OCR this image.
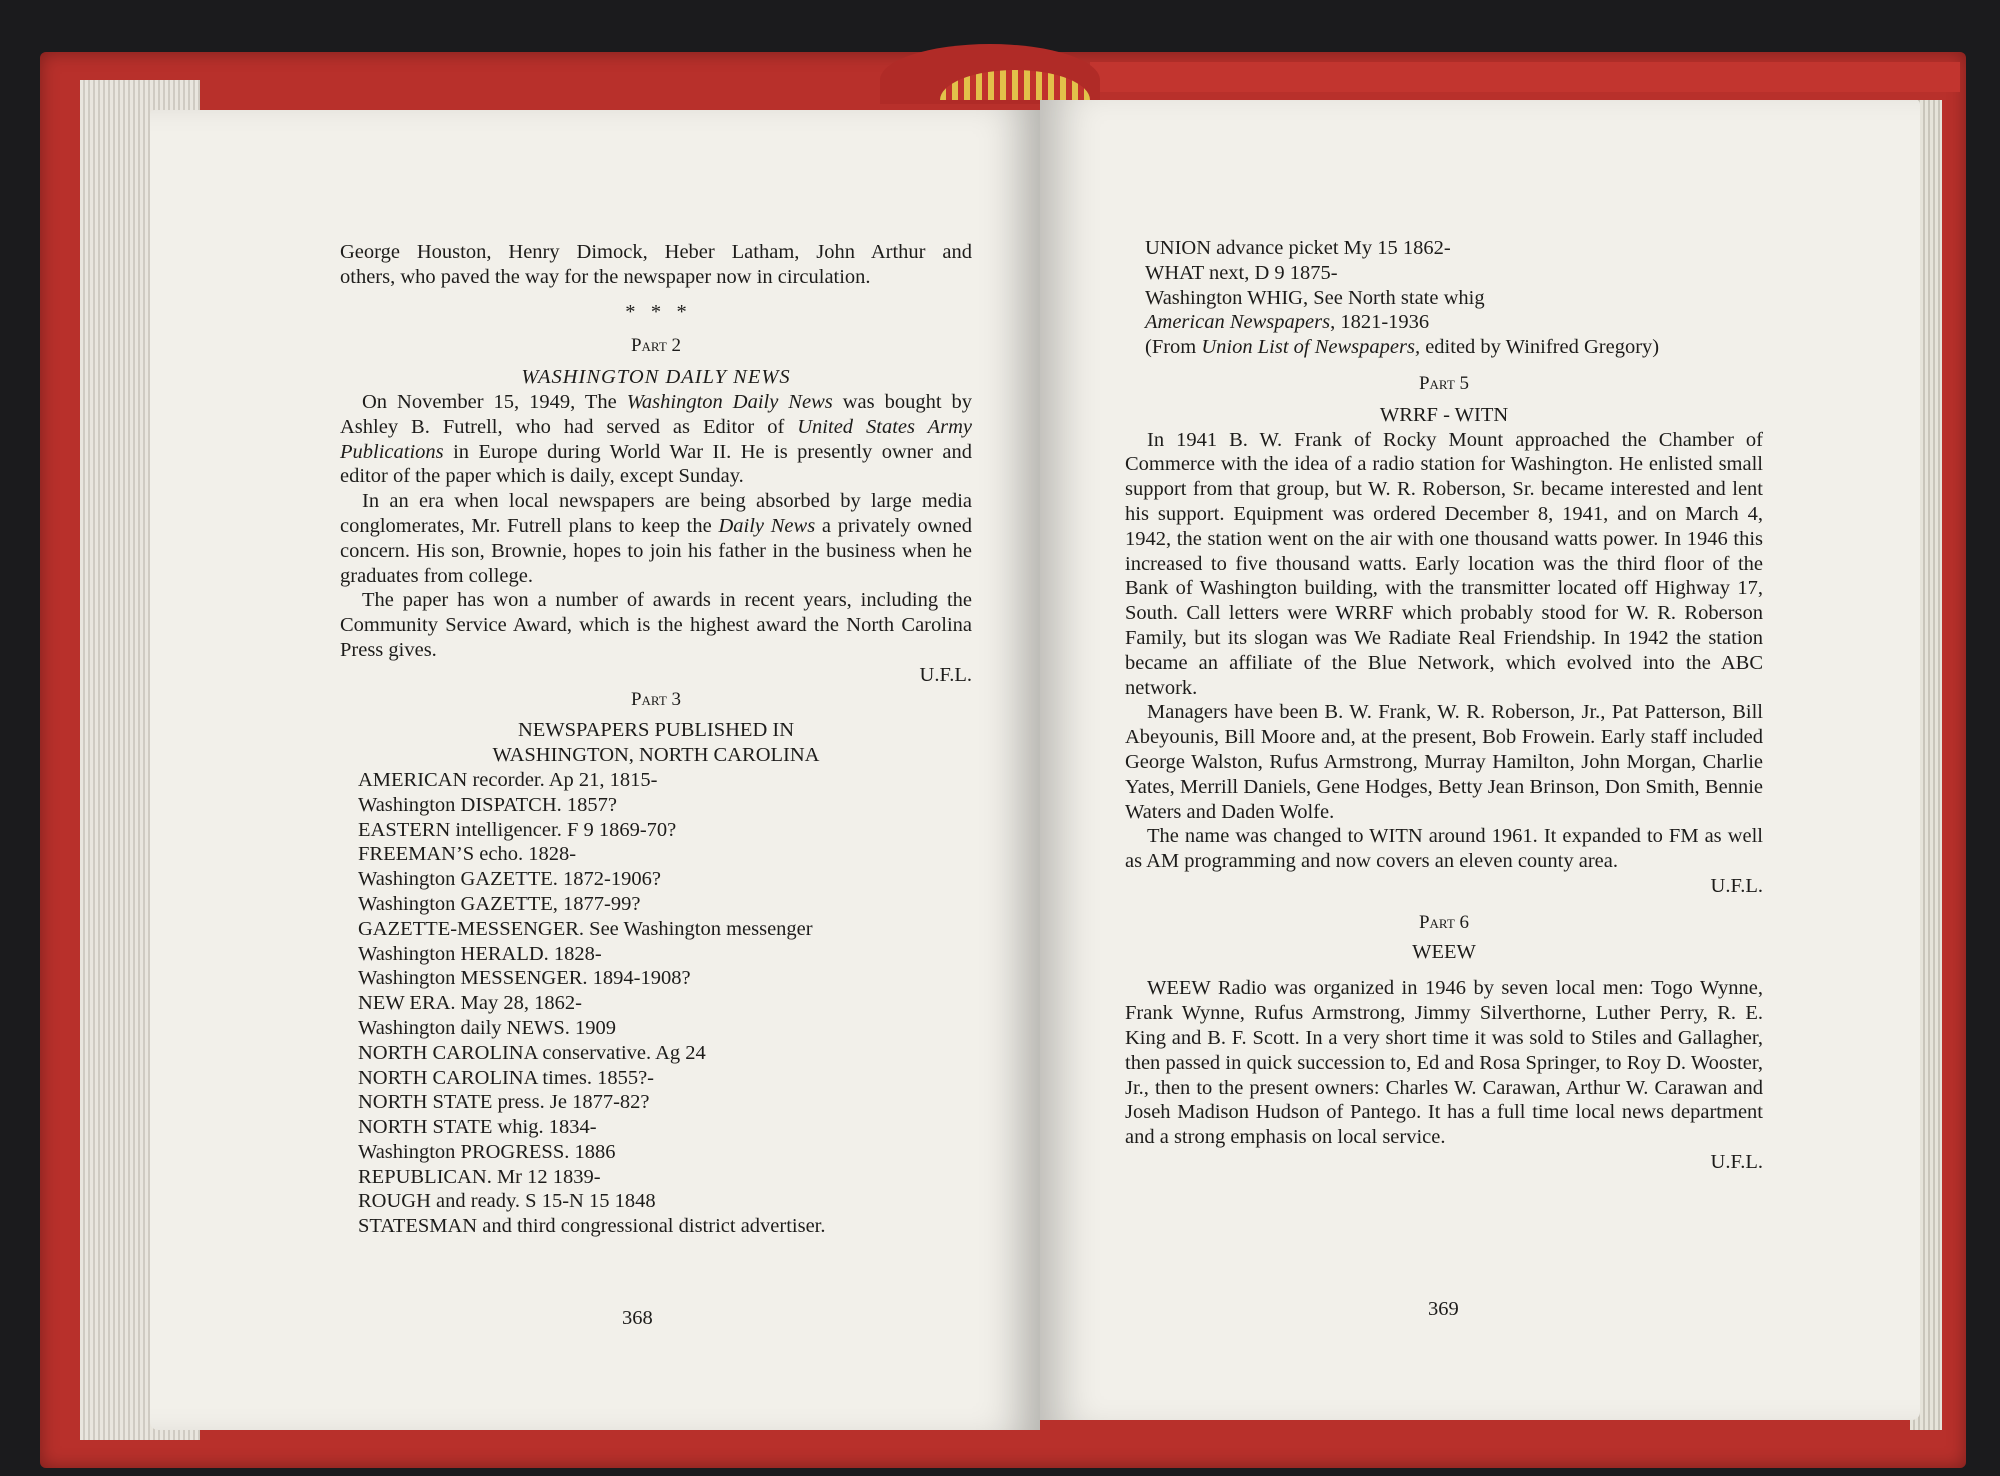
George Houston, Henry Dimock, Heber Latham, John Arthur and

others, who paved the way for the newspaper now in circulation.

*   *   *

Part 2

WASHINGTON DAILY NEWS

On November 15, 1949, The Washington Daily News was bought by Ashley B. Futrell, who had served as Editor of United States Army Publications in Europe during World War II. He is presently owner and editor of the paper which is daily, except Sunday.

In an era when local newspapers are being absorbed by large media conglomerates, Mr. Futrell plans to keep the Daily News a privately owned concern. His son, Brownie, hopes to join his father in the business when he graduates from college.

The paper has won a number of awards in recent years, including the Community Service Award, which is the highest award the North Carolina Press gives.

U.F.L.

Part 3

NEWSPAPERS PUBLISHED IN

WASHINGTON, NORTH CAROLINA

AMERICAN recorder. Ap 21, 1815-

Washington DISPATCH. 1857?

EASTERN intelligencer. F 9 1869-70?

FREEMAN’S echo. 1828-

Washington GAZETTE. 1872-1906?

Washington GAZETTE, 1877-99?

GAZETTE-MESSENGER. See Washington messenger

Washington HERALD. 1828-

Washington MESSENGER. 1894-1908?

NEW ERA. May 28, 1862-

Washington daily NEWS. 1909

NORTH CAROLINA conservative. Ag 24

NORTH CAROLINA times. 1855?-

NORTH STATE press. Je 1877-82?

NORTH STATE whig. 1834-

Washington PROGRESS. 1886

REPUBLICAN. Mr 12 1839-

ROUGH and ready. S 15-N 15 1848

STATESMAN and third congressional district advertiser.

368

UNION advance picket My 15 1862-

WHAT next, D 9 1875-

Washington WHIG, See North state whig

American Newspapers, 1821-1936

(From Union List of Newspapers, edited by Winifred Gregory)

Part 5

WRRF - WITN

In 1941 B. W. Frank of Rocky Mount approached the Chamber of Commerce with the idea of a radio station for Washington. He enlisted small support from that group, but W. R. Roberson, Sr. became interested and lent his support. Equipment was ordered December 8, 1941, and on March 4, 1942, the station went on the air with one thousand watts power. In 1946 this increased to five thousand watts. Early location was the third floor of the Bank of Washington building, with the transmitter located off Highway 17, South. Call letters were WRRF which probably stood for W. R. Roberson Family, but its slogan was We Radiate Real Friendship. In 1942 the station became an affiliate of the Blue Network, which evolved into the ABC network.

Managers have been B. W. Frank, W. R. Roberson, Jr., Pat Patterson, Bill Abeyounis, Bill Moore and, at the present, Bob Frowein. Early staff included George Walston, Rufus Armstrong, Murray Hamilton, John Morgan, Charlie Yates, Merrill Daniels, Gene Hodges, Betty Jean Brinson, Don Smith, Bennie Waters and Daden Wolfe.

The name was changed to WITN around 1961. It expanded to FM as well as AM programming and now covers an eleven county area.

U.F.L.

Part 6

WEEW

WEEW Radio was organized in 1946 by seven local men: Togo Wynne, Frank Wynne, Rufus Armstrong, Jimmy Silverthorne, Luther Perry, R. E. King and B. F. Scott. In a very short time it was sold to Stiles and Gallagher, then passed in quick succession to, Ed and Rosa Springer, to Roy D. Wooster, Jr., then to the present owners: Charles W. Carawan, Arthur W. Carawan and Joseh Madison Hudson of Pantego. It has a full time local news department and a strong emphasis on local service.

U.F.L.

369
